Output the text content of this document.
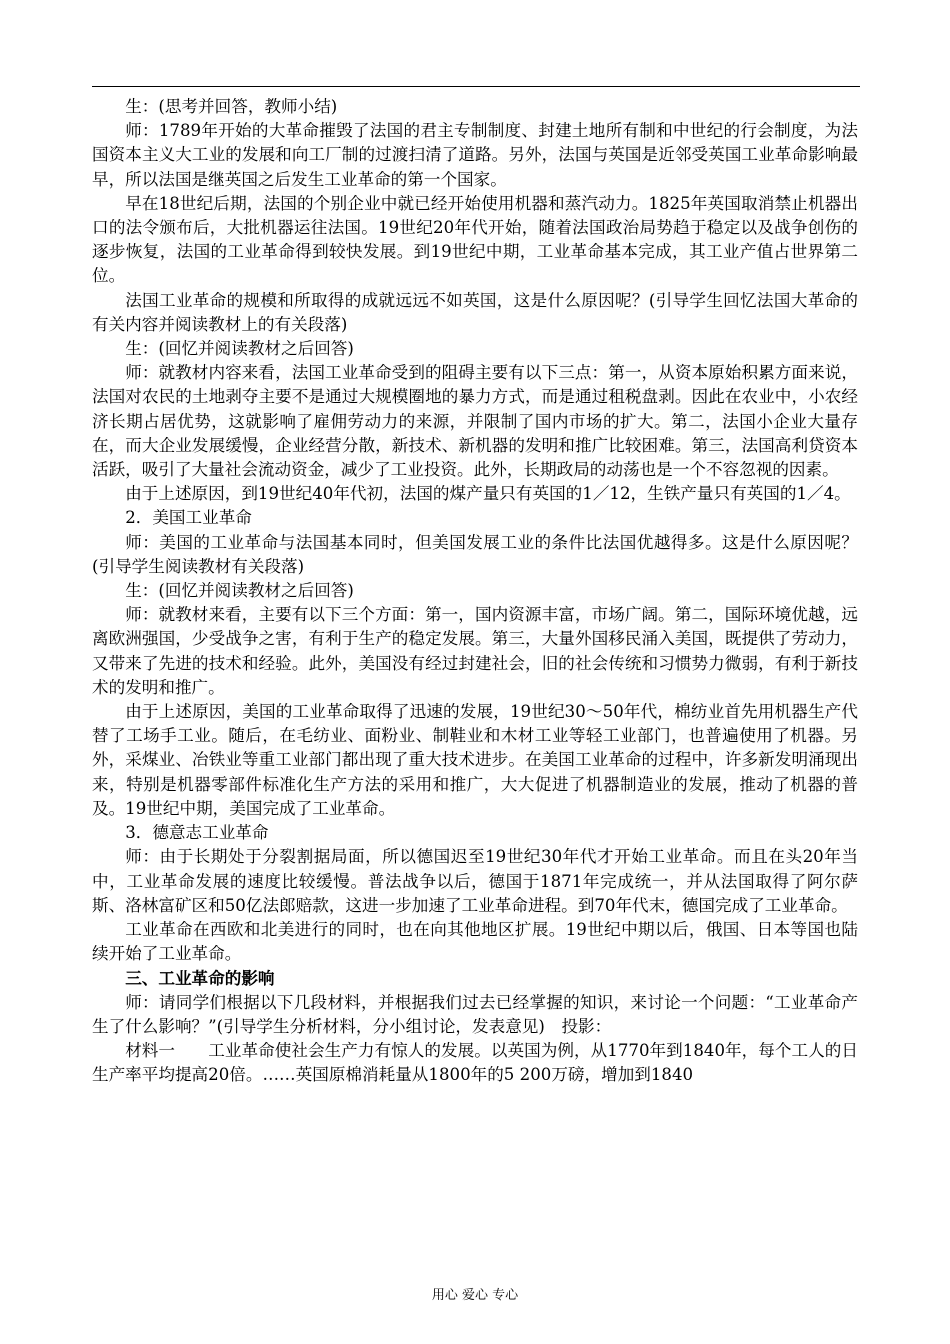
生：(思考并回答，教师小结)

师：1789年开始的大革命摧毁了法国的君主专制制度、封建土地所有制和中世纪的行会制度，为法国资本主义大工业的发展和向工厂制的过渡扫清了道路。另外，法国与英国是近邻受英国工业革命影响最早，所以法国是继英国之后发生工业革命的第一个国家。

早在18世纪后期，法国的个别企业中就已经开始使用机器和蒸汽动力。1825年英国取消禁止机器出口的法令颁布后，大批机器运往法国。19世纪20年代开始，随着法国政治局势趋于稳定以及战争创伤的逐步恢复，法国的工业革命得到较快发展。到19世纪中期，工业革命基本完成，其工业产值占世界第二位。

法国工业革命的规模和所取得的成就远远不如英国，这是什么原因呢？(引导学生回忆法国大革命的有关内容并阅读教材上的有关段落)

生：(回忆并阅读教材之后回答)

师：就教材内容来看，法国工业革命受到的阻碍主要有以下三点：第一，从资本原始积累方面来说，法国对农民的土地剥夺主要不是通过大规模圈地的暴力方式，而是通过租税盘剥。因此在农业中，小农经济长期占居优势，这就影响了雇佣劳动力的来源，并限制了国内市场的扩大。第二，法国小企业大量存在，而大企业发展缓慢，企业经营分散，新技术、新机器的发明和推广比较困难。第三，法国高利贷资本活跃，吸引了大量社会流动资金，减少了工业投资。此外，长期政局的动荡也是一个不容忽视的因素。

由于上述原因，到19世纪40年代初，法国的煤产量只有英国的1／12，生铁产量只有英国的1／4。

2．美国工业革命

师：美国的工业革命与法国基本同时，但美国发展工业的条件比法国优越得多。这是什么原因呢？(引导学生阅读教材有关段落)

生：(回忆并阅读教材之后回答)

师：就教材来看，主要有以下三个方面：第一，国内资源丰富，市场广阔。第二，国际环境优越，远离欧洲强国，少受战争之害，有利于生产的稳定发展。第三，大量外国移民涌入美国，既提供了劳动力，又带来了先进的技术和经验。此外，美国没有经过封建社会，旧的社会传统和习惯势力微弱，有利于新技术的发明和推广。

由于上述原因，美国的工业革命取得了迅速的发展，19世纪30～50年代，棉纺业首先用机器生产代替了工场手工业。随后，在毛纺业、面粉业、制鞋业和木材工业等轻工业部门，也普遍使用了机器。另外，采煤业、冶铁业等重工业部门都出现了重大技术进步。在美国工业革命的过程中，许多新发明涌现出来，特别是机器零部件标准化生产方法的采用和推广，大大促进了机器制造业的发展，推动了机器的普及。19世纪中期，美国完成了工业革命。

3．德意志工业革命

师：由于长期处于分裂割据局面，所以德国迟至19世纪30年代才开始工业革命。而且在头20年当中，工业革命发展的速度比较缓慢。普法战争以后，德国于1871年完成统一，并从法国取得了阿尔萨斯、洛林富矿区和50亿法郎赔款，这进一步加速了工业革命进程。到70年代末，德国完成了工业革命。

工业革命在西欧和北美进行的同时，也在向其他地区扩展。19世纪中期以后，俄国、日本等国也陆续开始了工业革命。

三、工业革命的影响

师：请同学们根据以下几段材料，并根据我们过去已经掌握的知识，来讨论一个问题：“工业革命产生了什么影响？”(引导学生分析材料，分小组讨论，发表意见)　投影：

材料一　　工业革命使社会生产力有惊人的发展。以英国为例，从1770年到1840年，每个工人的日生产率平均提高20倍。……英国原棉消耗量从1800年的5 200万磅，增加到1840

用心 爱心 专心
